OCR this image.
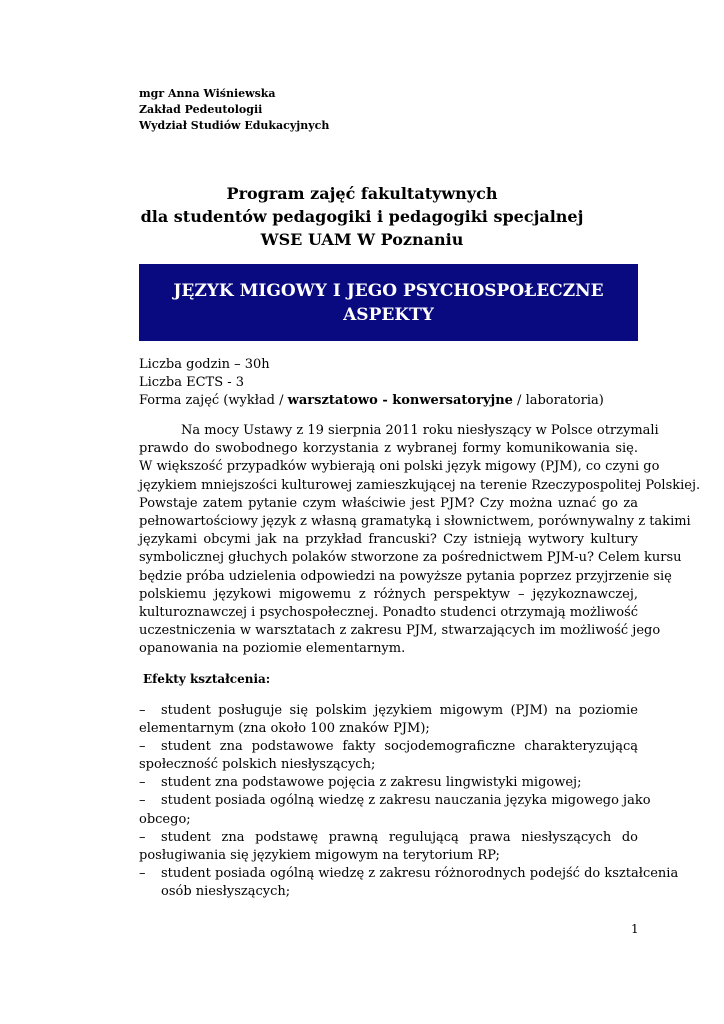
mgr Anna Wiśniewska
Zakład Pedeutologii
Wydział Studiów Edukacyjnych
Program zajęć fakultatywnych
dla studentów pedagogiki i pedagogiki specjalnej
WSE UAM W Poznaniu
JĘZYK MIGOWY I JEGO PSYCHOSPOŁECZNE
ASPEKTY
Liczba godzin – 30h
Liczba ECTS - 3
Forma zajęć (wykład / warsztatowo - konwersatoryjne / laboratoria)
Na mocy Ustawy z 19 sierpnia 2011 roku niesłyszący w Polsce otrzymali
prawdo do swobodnego korzystania z wybranej formy komunikowania się.
W większość przypadków wybierają oni polski język migowy (PJM), co czyni go
językiem mniejszości kulturowej zamieszkującej na terenie Rzeczypospolitej Polskiej.
Powstaje zatem pytanie czym właściwie jest PJM? Czy można uznać go za
pełnowartościowy język z własną gramatyką i słownictwem, porównywalny z takimi
językami obcymi jak na przykład francuski? Czy istnieją wytwory kultury
symbolicznej głuchych polaków stworzone za pośrednictwem PJM-u? Celem kursu
będzie próba udzielenia odpowiedzi na powyższe pytania poprzez przyjrzenie się
polskiemu językowi migowemu z różnych perspektyw – językoznawczej,
kulturoznawczej i psychospołecznej. Ponadto studenci otrzymają możliwość
uczestniczenia w warsztatach z zakresu PJM, stwarzających im możliwość jego
opanowania na poziomie elementarnym.
Efekty kształcenia:
–	student posługuje się polskim językiem migowym (PJM) na poziomie
elementarnym (zna około 100 znaków PJM);
–	student zna podstawowe fakty socjodemograficzne charakteryzującą
społeczność polskich niesłyszących;
–	student zna podstawowe pojęcia z zakresu lingwistyki migowej;
–	student posiada ogólną wiedzę z zakresu nauczania języka migowego jako
obcego;
–	student zna podstawę prawną regulującą prawa niesłyszących do
posługiwania się językiem migowym na terytorium RP;
–	student posiada ogólną wiedzę z zakresu różnorodnych podejść do kształcenia
osób niesłyszących;
1
